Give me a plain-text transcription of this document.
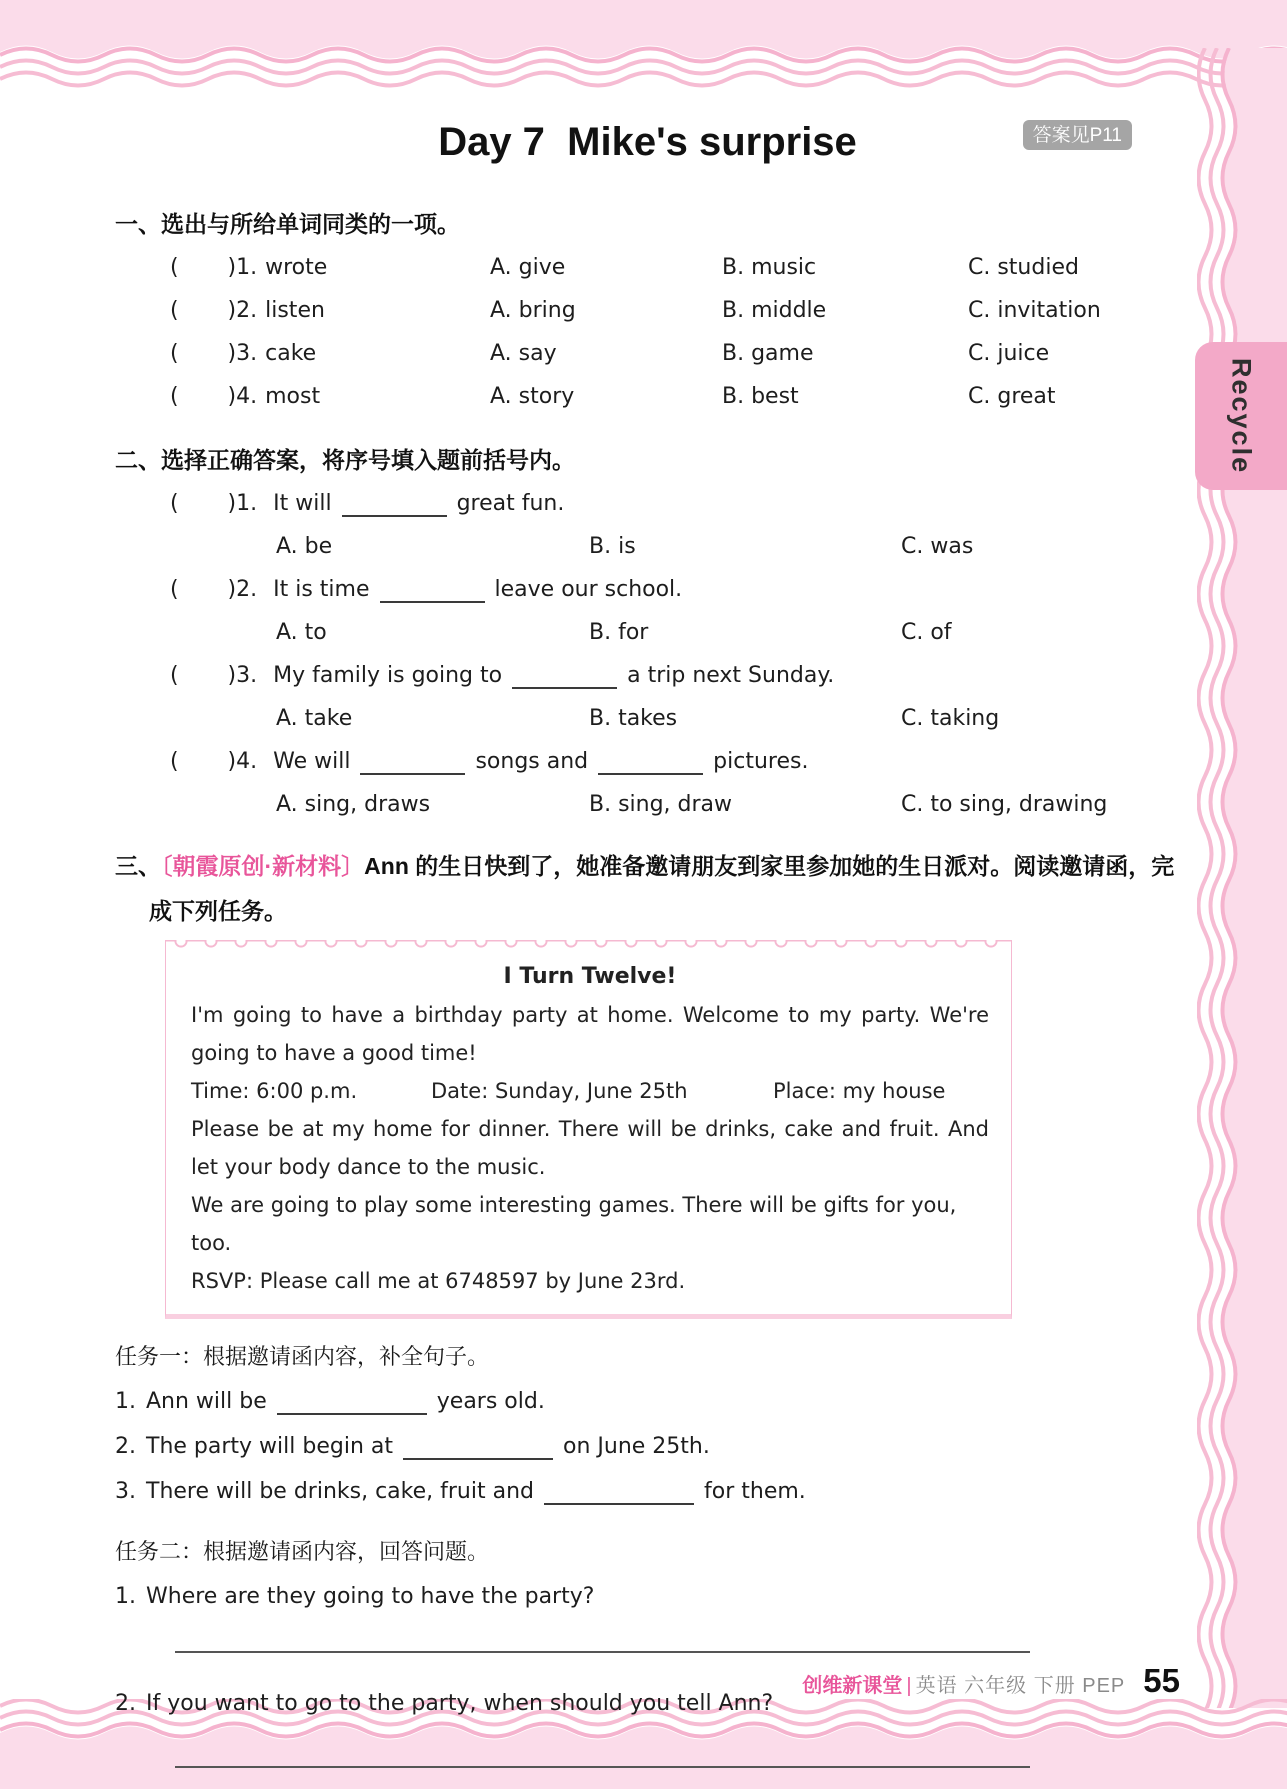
Recycle
Day 7  Mike's surprise	答案见P11
一、选出与所给单词同类的一项。
(       )1. wrote	A. give	B. music	C. studied
(       )2. listen	A. bring	B. middle	C. invitation
(       )3. cake	A. say	B. game	C. juice
(       )4. most	A. story	B. best	C. great
二、选择正确答案，将序号填入题前括号内。
(       )1. It will	great fun.
A. be	B. is	C. was
(       )2. It is time	leave our school.
A. to	B. for	C. of
(       )3. My family is going to	a trip next Sunday.
A. take	B. takes	C. taking
(       )4. We will	songs and	pictures.
A. sing, draws	B. sing, draw	C. to sing, drawing

三、〔朝霞原创·新材料〕Ann 的生日快到了，她准备邀请朋友到家里参加她的生日派对。阅读邀请函，完成下列任务。

I Turn Twelve!

I'm going to have a birthday party at home. Welcome to my party. We're going to have a good time!

Time: 6:00 p.m.	Date: Sunday, June 25th	Place: my house

Please be at my home for dinner. There will be drinks, cake and fruit. And let your body dance to the music.

We are going to play some interesting games. There will be gifts for you, too.

RSVP: Please call me at 6748597 by June 23rd.

任务一：根据邀请函内容，补全句子。
1. Ann will be	years old.
2. The party will begin at	on June 25th.
3. There will be drinks, cake, fruit and	for them.
任务二：根据邀请函内容，回答问题。
1. Where are they going to have the party?
2. If you want to go to the party, when should you tell Ann?
创维新课堂 | 英语 六年级 下册 PEP 55
